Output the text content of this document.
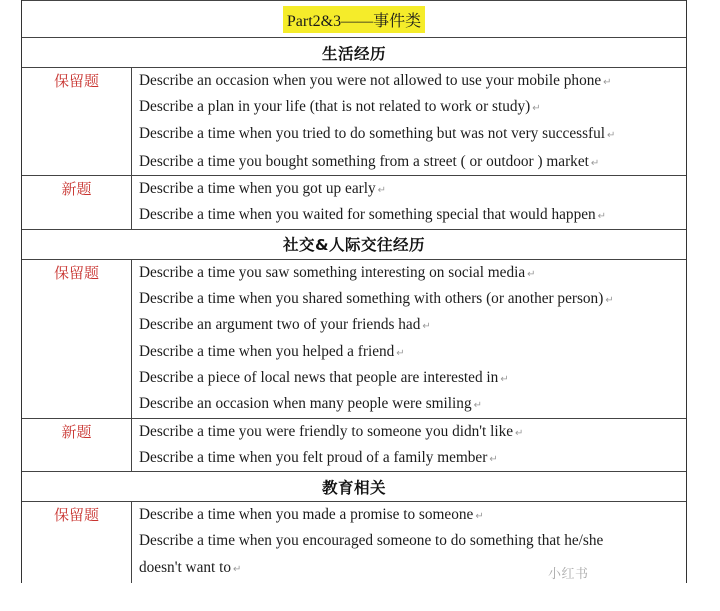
Part2&3——事件类
生活经历
保留题	Describe an occasion when you were not allowed to use your mobile phone ↵
Describe a plan in your life (that is not related to work or study) ↵
Describe a time when you tried to do something but was not very successful ↵
Describe a time you bought something from a street ( or outdoor ) market ↵
新题	Describe a time when you got up early ↵
Describe a time when you waited for something special that would happen ↵
社交&人际交往经历
保留题	Describe a time you saw something interesting on social media ↵
Describe a time when you shared something with others (or another person) ↵
Describe an argument two of your friends had ↵
Describe a time when you helped a friend ↵
Describe a piece of local news that people are interested in ↵
Describe an occasion when many people were smiling ↵
新题	Describe a time you were friendly to someone you didn't like ↵
Describe a time when you felt proud of a family member ↵
教育相关
保留题	Describe a time when you made a promise to someone ↵
Describe a time when you encouraged someone to do something that he/she doesn't want to ↵	小红书
